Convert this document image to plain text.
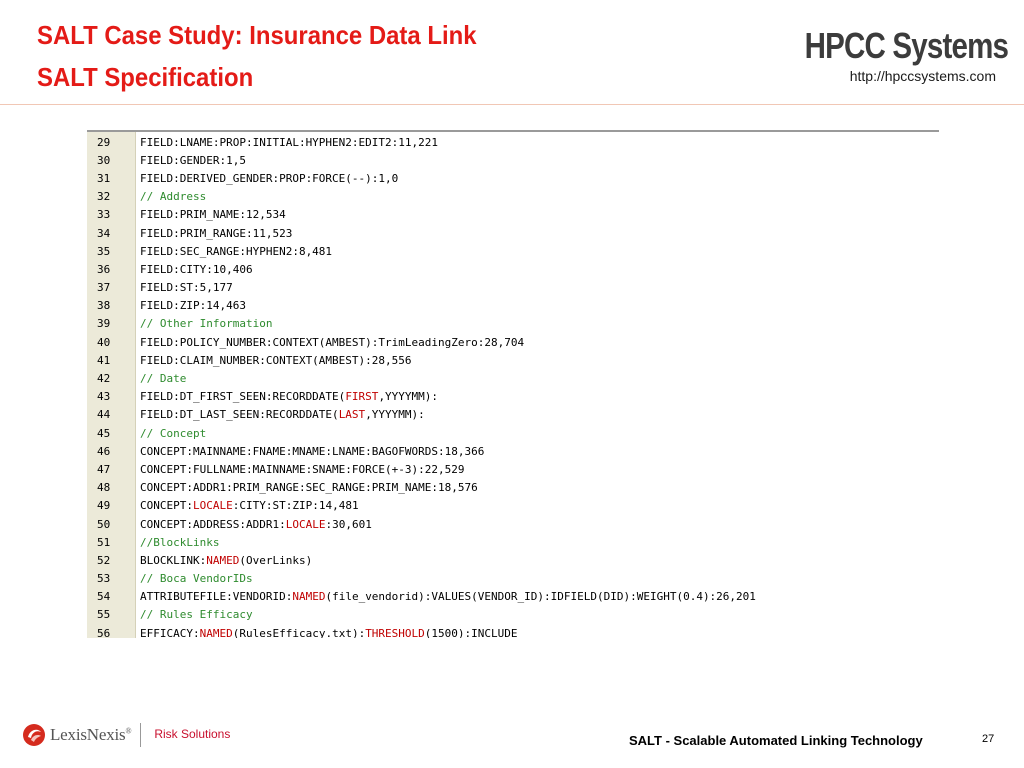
SALT Case Study: Insurance Data Link
SALT Specification
HPCC Systems
http://hpccsystems.com
29	FIELD:LNAME:PROP:INITIAL:HYPHEN2:EDIT2:11,221
30	FIELD:GENDER:1,5
31	FIELD:DERIVED_GENDER:PROP:FORCE(--):1,0
32	// Address
33	FIELD:PRIM_NAME:12,534
34	FIELD:PRIM_RANGE:11,523
35	FIELD:SEC_RANGE:HYPHEN2:8,481
36	FIELD:CITY:10,406
37	FIELD:ST:5,177
38	FIELD:ZIP:14,463
39	// Other Information
40	FIELD:POLICY_NUMBER:CONTEXT(AMBEST):TrimLeadingZero:28,704
41	FIELD:CLAIM_NUMBER:CONTEXT(AMBEST):28,556
42	// Date
43	FIELD:DT_FIRST_SEEN:RECORDDATE(FIRST,YYYYMM):
44	FIELD:DT_LAST_SEEN:RECORDDATE(LAST,YYYYMM):
45	// Concept
46	CONCEPT:MAINNAME:FNAME:MNAME:LNAME:BAGOFWORDS:18,366
47	CONCEPT:FULLNAME:MAINNAME:SNAME:FORCE(+-3):22,529
48	CONCEPT:ADDR1:PRIM_RANGE:SEC_RANGE:PRIM_NAME:18,576
49	CONCEPT:LOCALE:CITY:ST:ZIP:14,481
50	CONCEPT:ADDRESS:ADDR1:LOCALE:30,601
51	//BlockLinks
52	BLOCKLINK:NAMED(OverLinks)
53	// Boca VendorIDs
54	ATTRIBUTEFILE:VENDORID:NAMED(file_vendorid):VALUES(VENDOR_ID):IDFIELD(DID):WEIGHT(0.4):26,201
55	// Rules Efficacy
56	EFFICACY:NAMED(RulesEfficacy.txt):THRESHOLD(1500):INCLUDE
LexisNexis® Risk Solutions	SALT - Scalable Automated Linking Technology	27
